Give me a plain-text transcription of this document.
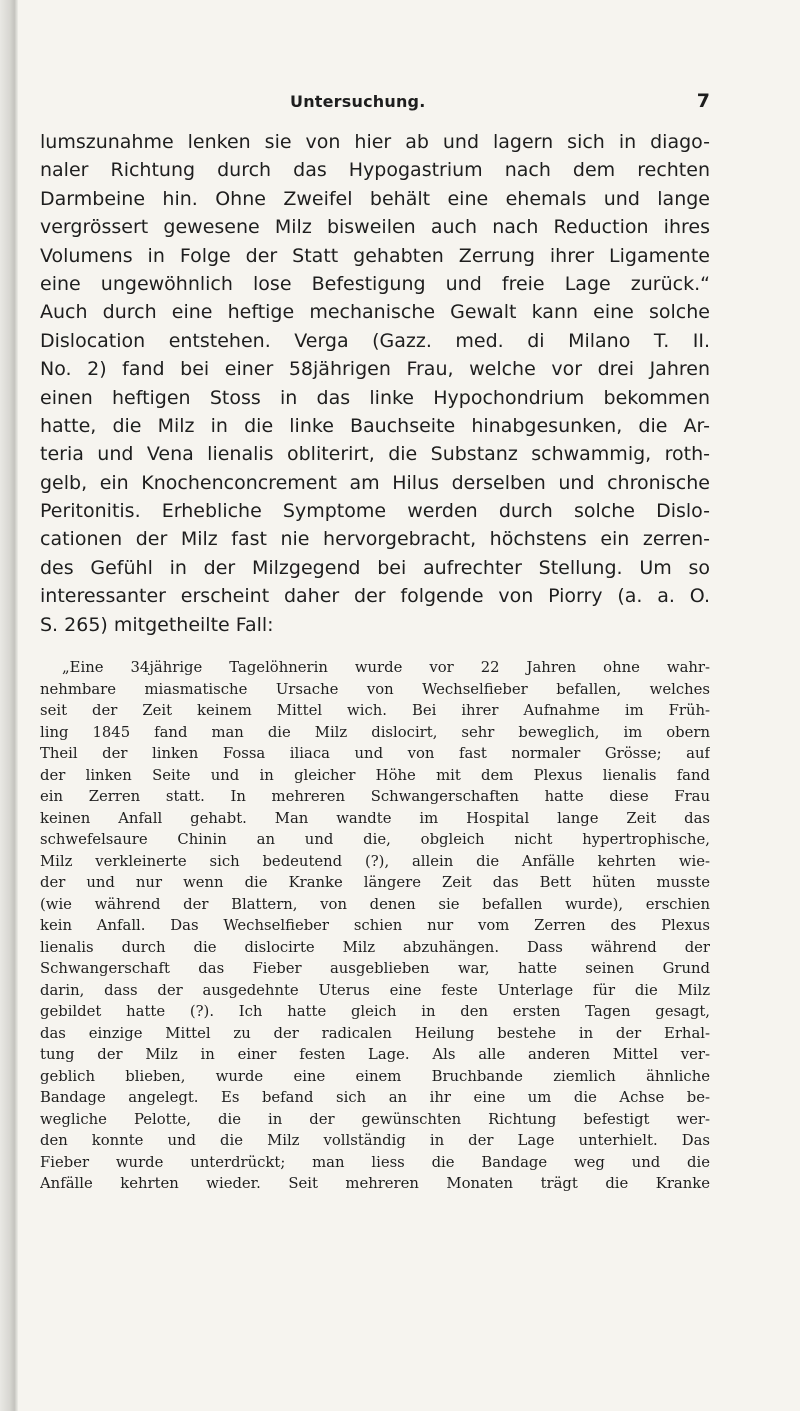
Untersuchung.	7
lumszunahme lenken sie von hier ab und lagern sich in diago-
naler Richtung durch das Hypogastrium nach dem rechten
Darmbeine hin. Ohne Zweifel behält eine ehemals und lange
vergrössert gewesene Milz bisweilen auch nach Reduction ihres
Volumens in Folge der Statt gehabten Zerrung ihrer Ligamente
eine ungewöhnlich lose Befestigung und freie Lage zurück.“
Auch durch eine heftige mechanische Gewalt kann eine solche
Dislocation entstehen. Verga (Gazz. med. di Milano T. II.
No. 2) fand bei einer 58jährigen Frau, welche vor drei Jahren
einen heftigen Stoss in das linke Hypochondrium bekommen
hatte, die Milz in die linke Bauchseite hinabgesunken, die Ar-
teria und Vena lienalis obliterirt, die Substanz schwammig, roth-
gelb, ein Knochenconcrement am Hilus derselben und chronische
Peritonitis. Erhebliche Symptome werden durch solche Dislo-
cationen der Milz fast nie hervorgebracht, höchstens ein zerren-
des Gefühl in der Milzgegend bei aufrechter Stellung. Um so
interessanter erscheint daher der folgende von Piorry (a. a. O.
S. 265) mitgetheilte Fall:
„Eine 34jährige Tagelöhnerin wurde vor 22 Jahren ohne wahr-
nehmbare miasmatische Ursache von Wechselfieber befallen, welches
seit der Zeit keinem Mittel wich. Bei ihrer Aufnahme im Früh-
ling 1845 fand man die Milz dislocirt, sehr beweglich, im obern
Theil der linken Fossa iliaca und von fast normaler Grösse; auf
der linken Seite und in gleicher Höhe mit dem Plexus lienalis fand
ein Zerren statt. In mehreren Schwangerschaften hatte diese Frau
keinen Anfall gehabt. Man wandte im Hospital lange Zeit das
schwefelsaure Chinin an und die, obgleich nicht hypertrophische,
Milz verkleinerte sich bedeutend (?), allein die Anfälle kehrten wie-
der und nur wenn die Kranke längere Zeit das Bett hüten musste
(wie während der Blattern, von denen sie befallen wurde), erschien
kein Anfall. Das Wechselfieber schien nur vom Zerren des Plexus
lienalis durch die dislocirte Milz abzuhängen. Dass während der
Schwangerschaft das Fieber ausgeblieben war, hatte seinen Grund
darin, dass der ausgedehnte Uterus eine feste Unterlage für die Milz
gebildet hatte (?). Ich hatte gleich in den ersten Tagen gesagt,
das einzige Mittel zu der radicalen Heilung bestehe in der Erhal-
tung der Milz in einer festen Lage. Als alle anderen Mittel ver-
geblich blieben, wurde eine einem Bruchbande ziemlich ähnliche
Bandage angelegt. Es befand sich an ihr eine um die Achse be-
wegliche Pelotte, die in der gewünschten Richtung befestigt wer-
den konnte und die Milz vollständig in der Lage unterhielt. Das
Fieber wurde unterdrückt; man liess die Bandage weg und die
Anfälle kehrten wieder. Seit mehreren Monaten trägt die Kranke
